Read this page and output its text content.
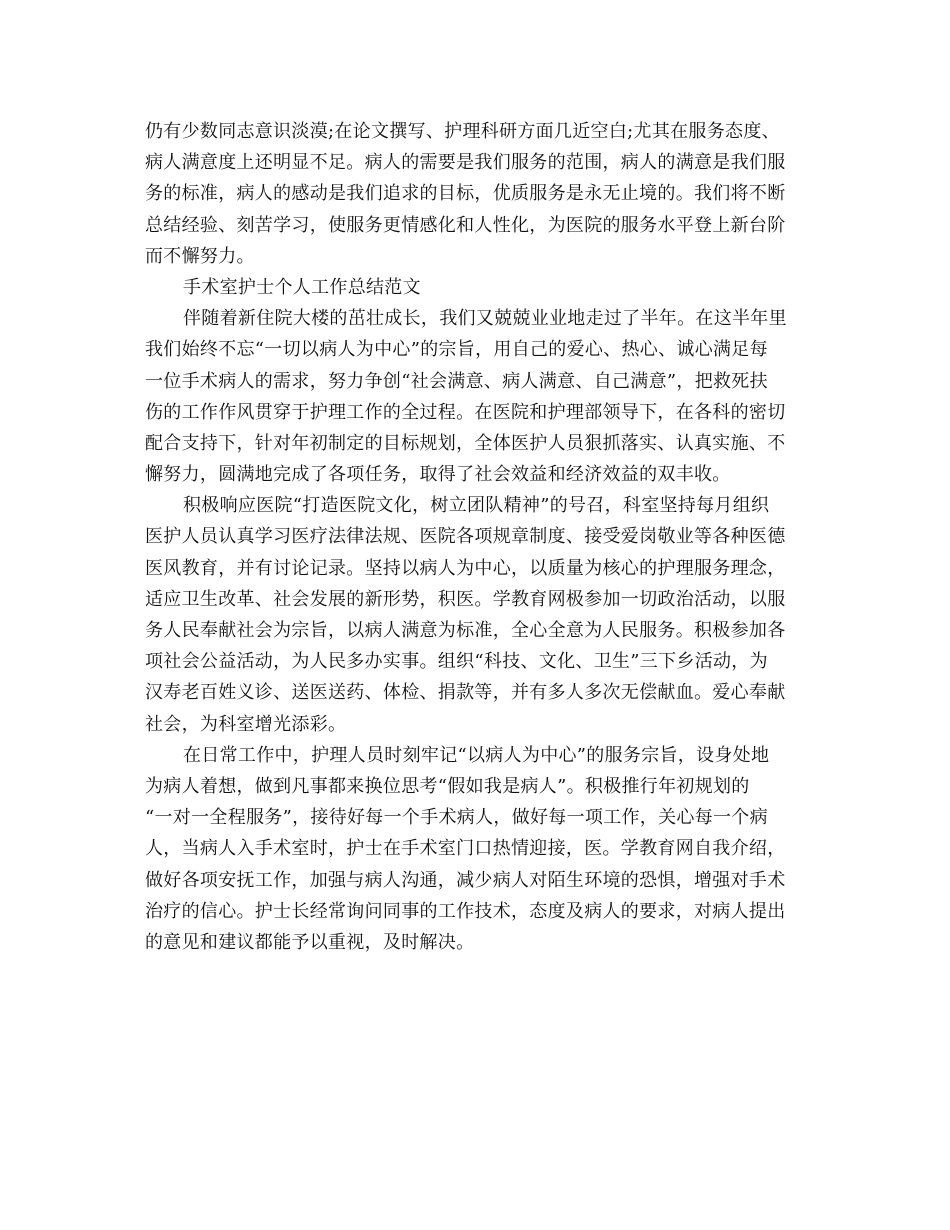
仍有少数同志意识淡漠;在论文撰写、护理科研方面几近空白;尤其在服务态度、
病人满意度上还明显不足。病人的需要是我们服务的范围，病人的满意是我们服
务的标准，病人的感动是我们追求的目标，优质服务是永无止境的。我们将不断
总结经验、刻苦学习，使服务更情感化和人性化，为医院的服务水平登上新台阶
而不懈努力。
手术室护士个人工作总结范文
伴随着新住院大楼的茁壮成长，我们又兢兢业业地走过了半年。在这半年里
我们始终不忘“一切以病人为中心”的宗旨，用自己的爱心、热心、诚心满足每
一位手术病人的需求，努力争创“社会满意、病人满意、自己满意”，把救死扶
伤的工作作风贯穿于护理工作的全过程。在医院和护理部领导下，在各科的密切
配合支持下，针对年初制定的目标规划，全体医护人员狠抓落实、认真实施、不
懈努力，圆满地完成了各项任务，取得了社会效益和经济效益的双丰收。
积极响应医院“打造医院文化，树立团队精神”的号召，科室坚持每月组织
医护人员认真学习医疗法律法规、医院各项规章制度、接受爱岗敬业等各种医德
医风教育，并有讨论记录。坚持以病人为中心，以质量为核心的护理服务理念，
适应卫生改革、社会发展的新形势，积医。学教育网极参加一切政治活动，以服
务人民奉献社会为宗旨，以病人满意为标准，全心全意为人民服务。积极参加各
项社会公益活动，为人民多办实事。组织“科技、文化、卫生”三下乡活动，为
汉寿老百姓义诊、送医送药、体检、捐款等，并有多人多次无偿献血。爱心奉献
社会，为科室增光添彩。
在日常工作中，护理人员时刻牢记“以病人为中心”的服务宗旨，设身处地
为病人着想，做到凡事都来换位思考“假如我是病人”。积极推行年初规划的
“一对一全程服务”，接待好每一个手术病人，做好每一项工作，关心每一个病
人，当病人入手术室时，护士在手术室门口热情迎接，医。学教育网自我介绍，
做好各项安抚工作，加强与病人沟通，减少病人对陌生环境的恐惧，增强对手术
治疗的信心。护士长经常询问同事的工作技术，态度及病人的要求，对病人提出
的意见和建议都能予以重视，及时解决。
